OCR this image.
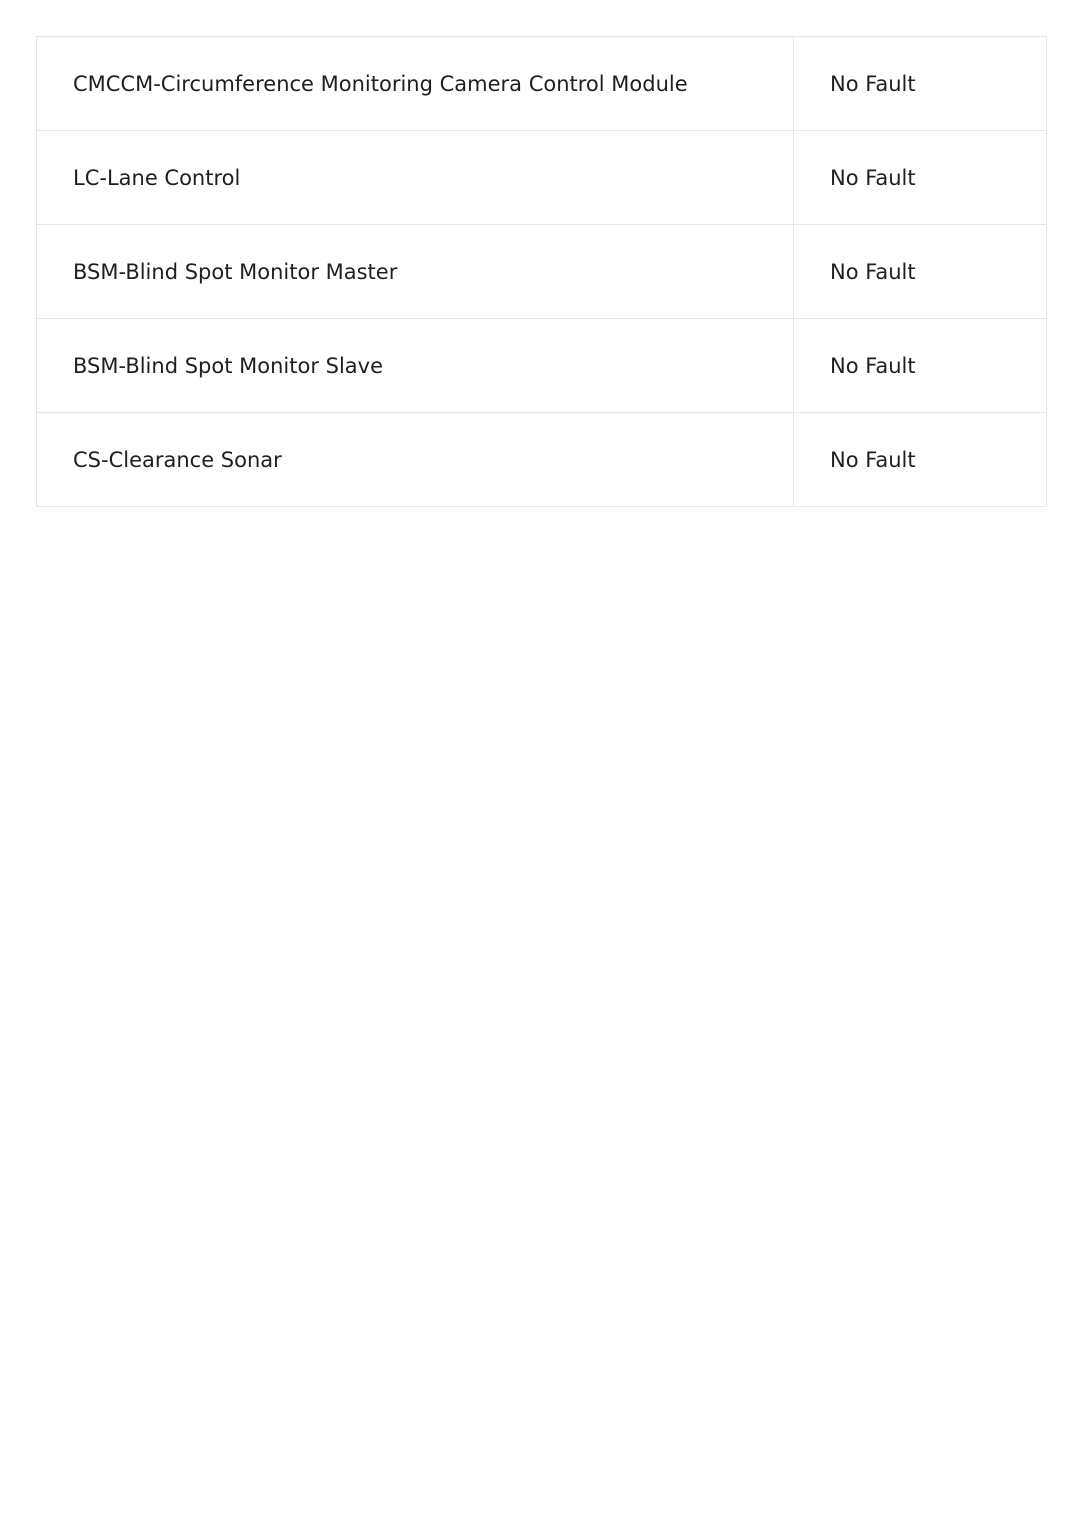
CMCCM-Circumference Monitoring Camera Control Module	No Fault
LC-Lane Control	No Fault
BSM-Blind Spot Monitor Master	No Fault
BSM-Blind Spot Monitor Slave	No Fault
CS-Clearance Sonar	No Fault
